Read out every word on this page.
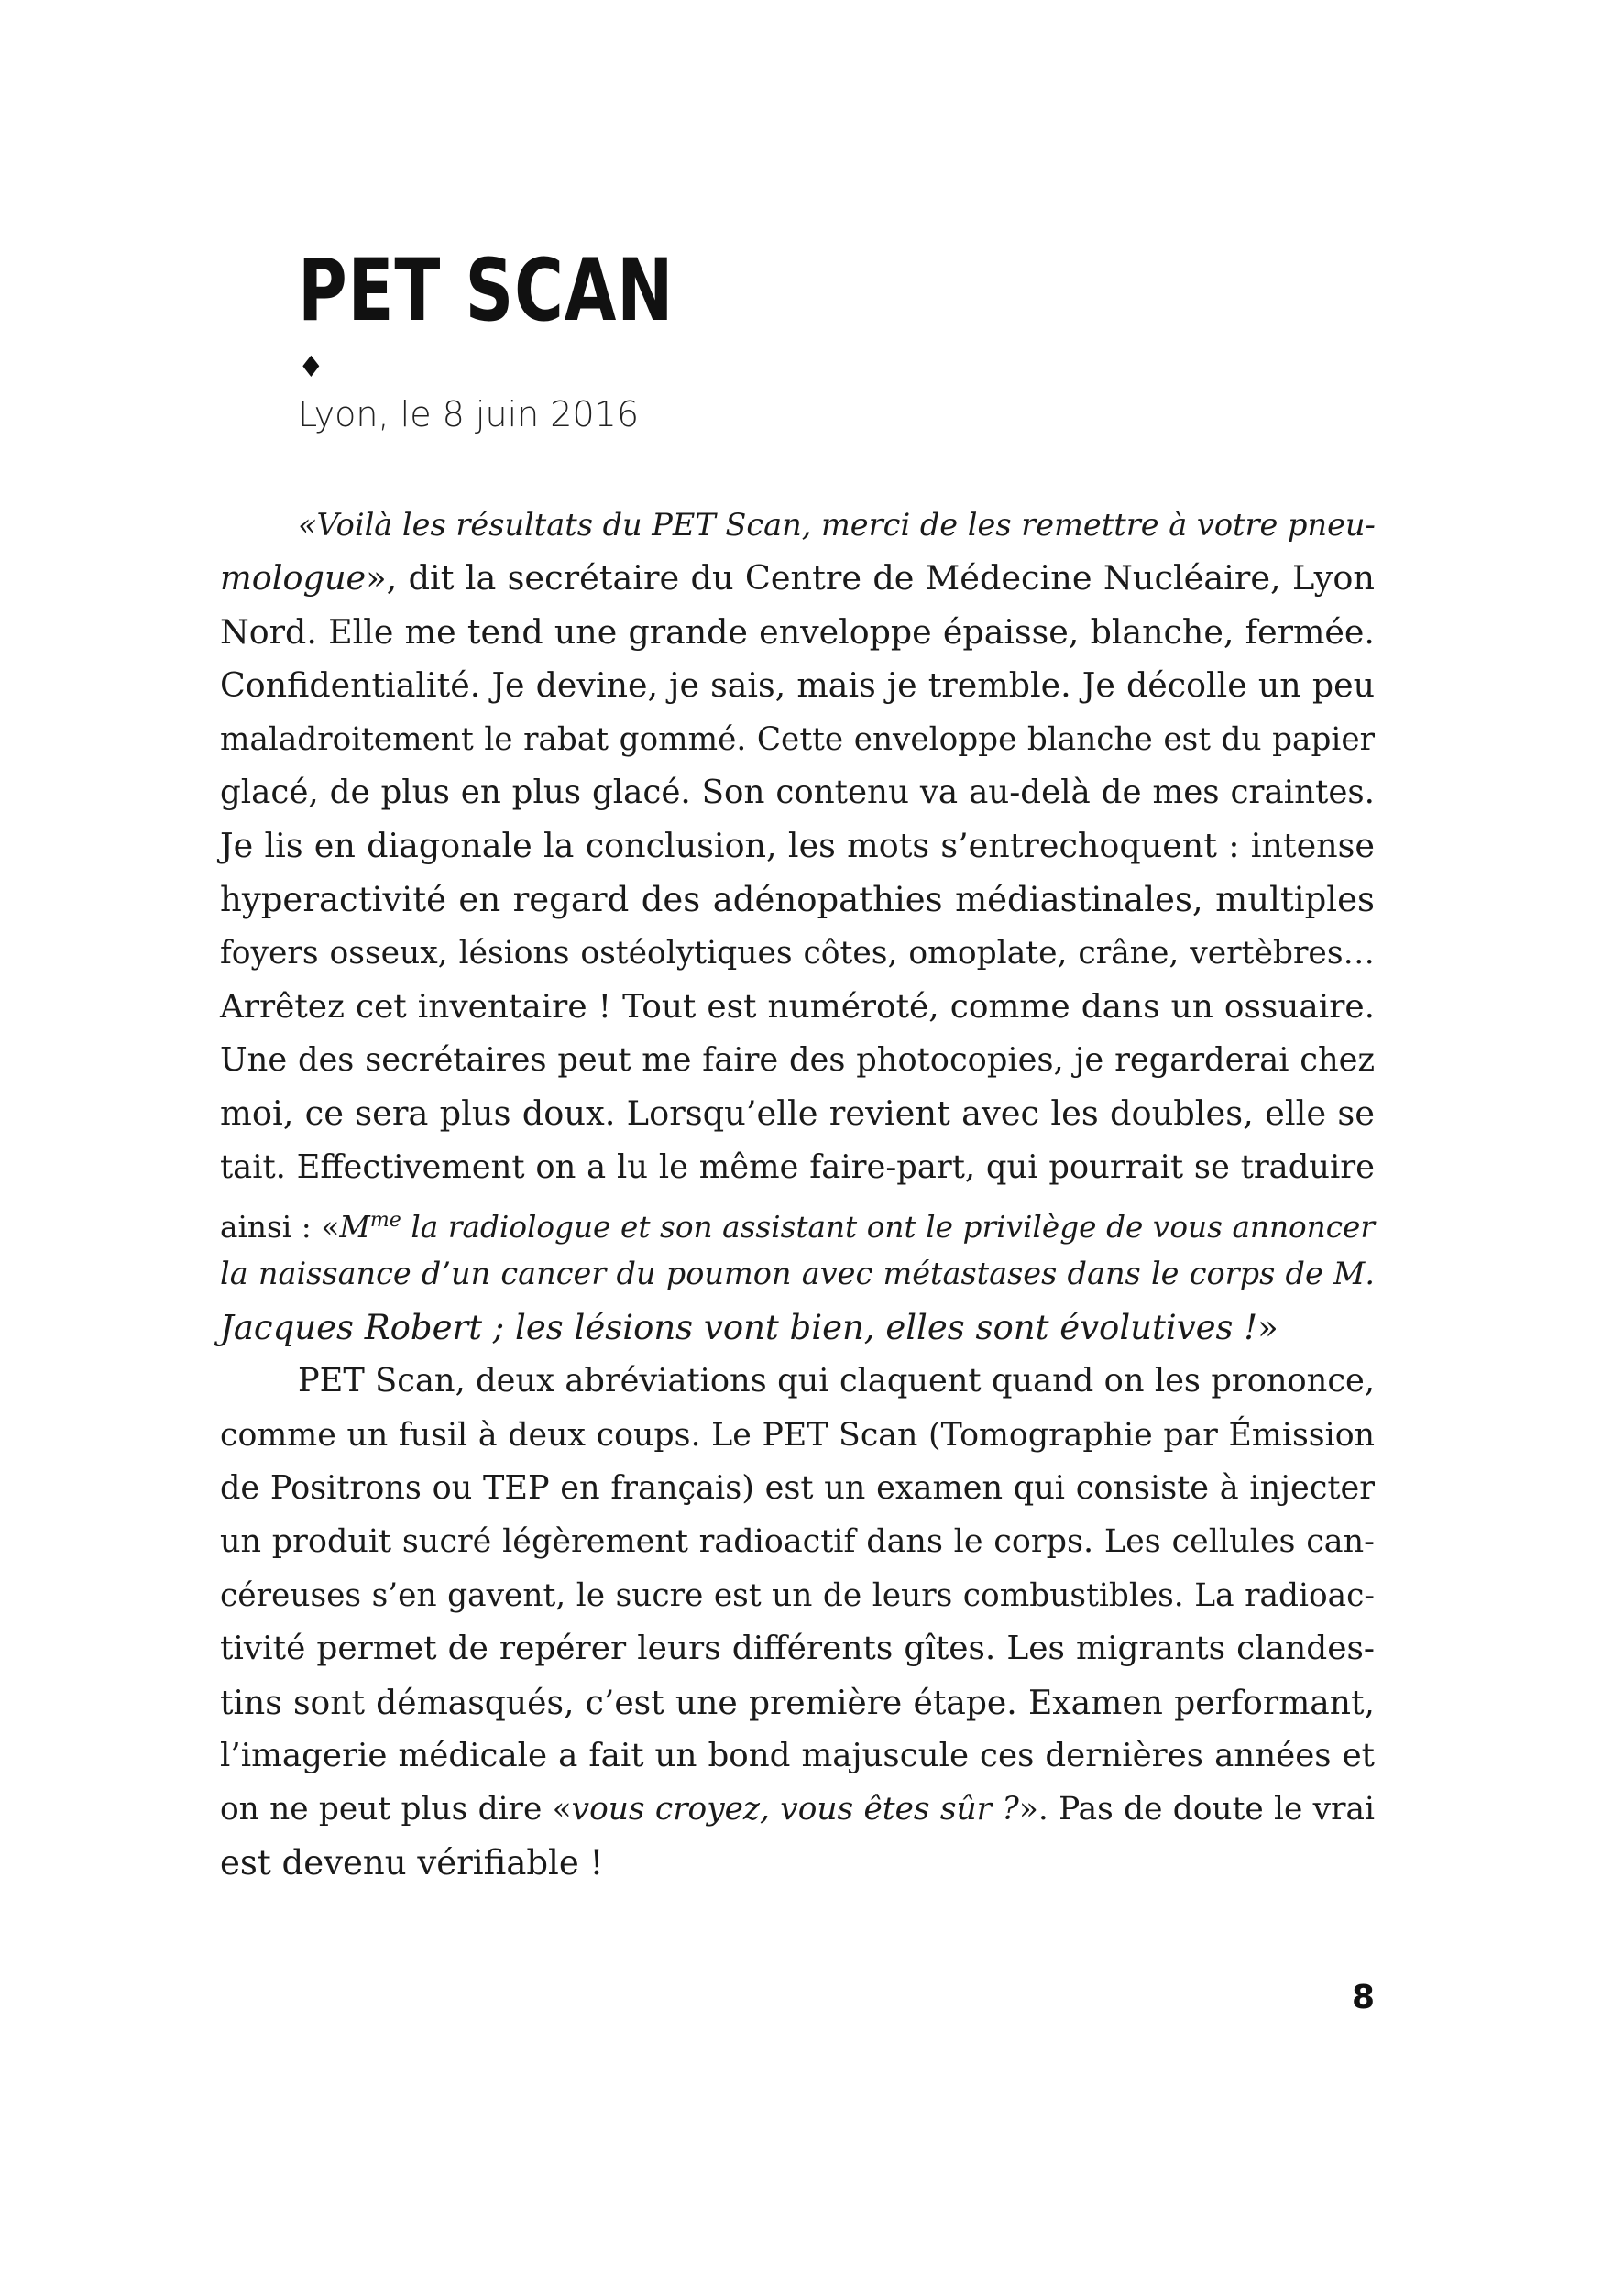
PET SCAN
♦
Lyon, le 8 juin 2016
«Voilà les résultats du PET Scan, merci de les remettre à votre pneu-
mologue», dit la secrétaire du Centre de Médecine Nucléaire, Lyon
Nord. Elle me tend une grande enveloppe épaisse, blanche, fermée.
Confidentialité. Je devine, je sais, mais je tremble. Je décolle un peu
maladroitement le rabat gommé. Cette enveloppe blanche est du papier
glacé, de plus en plus glacé. Son contenu va au-delà de mes craintes.
Je lis en diagonale la conclusion, les mots s’entrechoquent : intense
hyperactivité en regard des adénopathies médiastinales, multiples
foyers osseux, lésions ostéolytiques côtes, omoplate, crâne, vertèbres…
Arrêtez cet inventaire ! Tout est numéroté, comme dans un ossuaire.
Une des secrétaires peut me faire des photocopies, je regarderai chez
moi, ce sera plus doux. Lorsqu’elle revient avec les doubles, elle se
tait. Effectivement on a lu le même faire-part, qui pourrait se traduire
ainsi : «$M^{me}$ la radiologue et son assistant ont le privilège de vous annoncer
la naissance d’un cancer du poumon avec métastases dans le corps de M.
Jacques Robert ; les lésions vont bien, elles sont évolutives !»
PET Scan, deux abréviations qui claquent quand on les prononce,
comme un fusil à deux coups. Le PET Scan (Tomographie par Émission
de Positrons ou TEP en français) est un examen qui consiste à injecter
un produit sucré légèrement radioactif dans le corps. Les cellules can-
céreuses s’en gavent, le sucre est un de leurs combustibles. La radioac-
tivité permet de repérer leurs différents gîtes. Les migrants clandes-
tins sont démasqués, c’est une première étape. Examen performant,
l’imagerie médicale a fait un bond majuscule ces dernières années et
on ne peut plus dire «vous croyez, vous êtes sûr ?». Pas de doute le vrai
est devenu vérifiable !
8
